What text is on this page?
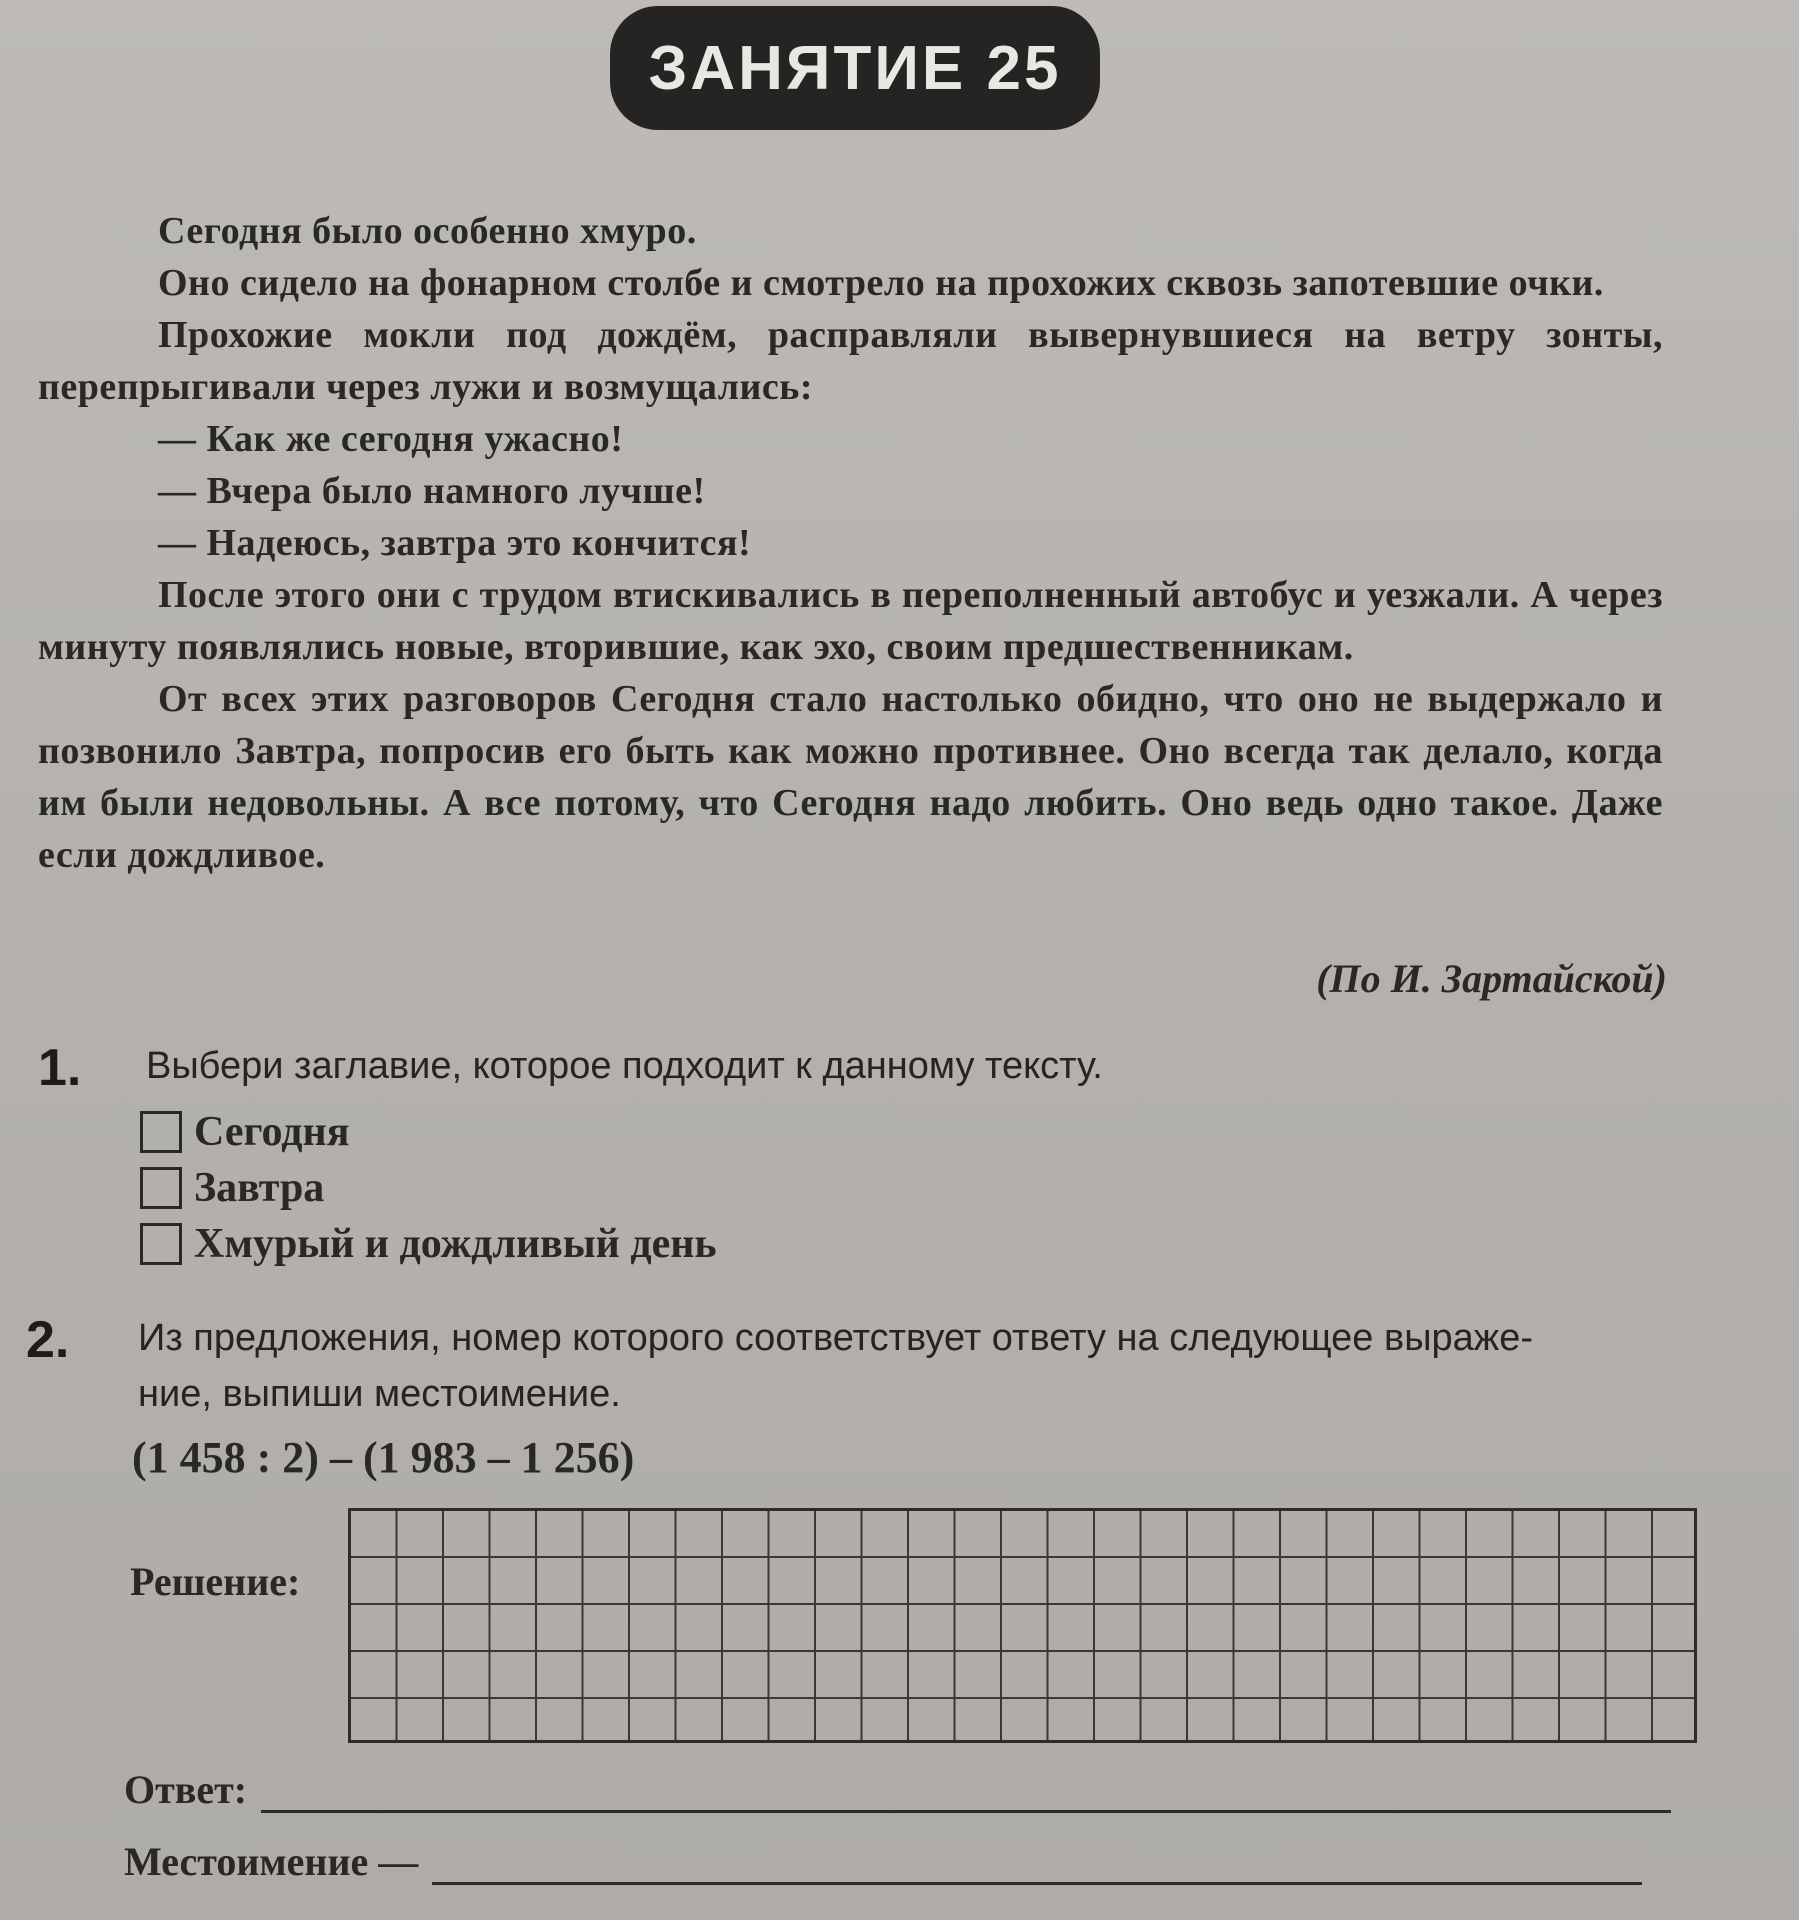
ЗАНЯТИЕ 25

Сегодня было особенно хмуро.

Оно сидело на фонарном столбе и смотрело на прохожих сквозь запотевшие очки.

Прохожие мокли под дождём, расправляли вывернувшиеся на ветру зонты, перепрыгивали через лужи и возмущались:

— Как же сегодня ужасно!

— Вчера было намного лучше!

— Надеюсь, завтра это кончится!

После этого они с трудом втискивались в переполненный автобус и уезжали. А через минуту появлялись новые, вторившие, как эхо, своим предшественникам.

От всех этих разговоров Сегодня стало настолько обидно, что оно не выдержало и позвонило Завтра, попросив его быть как можно противнее. Оно всегда так делало, когда им были недовольны. А все потому, что Сегодня надо любить. Оно ведь одно такое. Даже если дождливое.

(По И. Зартайской)
1. Выбери заглавие, которое подходит к данному тексту.
Сегодня
Завтра
Хмурый и дождливый день
2. Из предложения, номер которого соответствует ответу на следующее выраже-
ние, выпиши местоимение.
(1 458 : 2) – (1 983 – 1 256)
Решение:
Ответ:
Местоимение —
